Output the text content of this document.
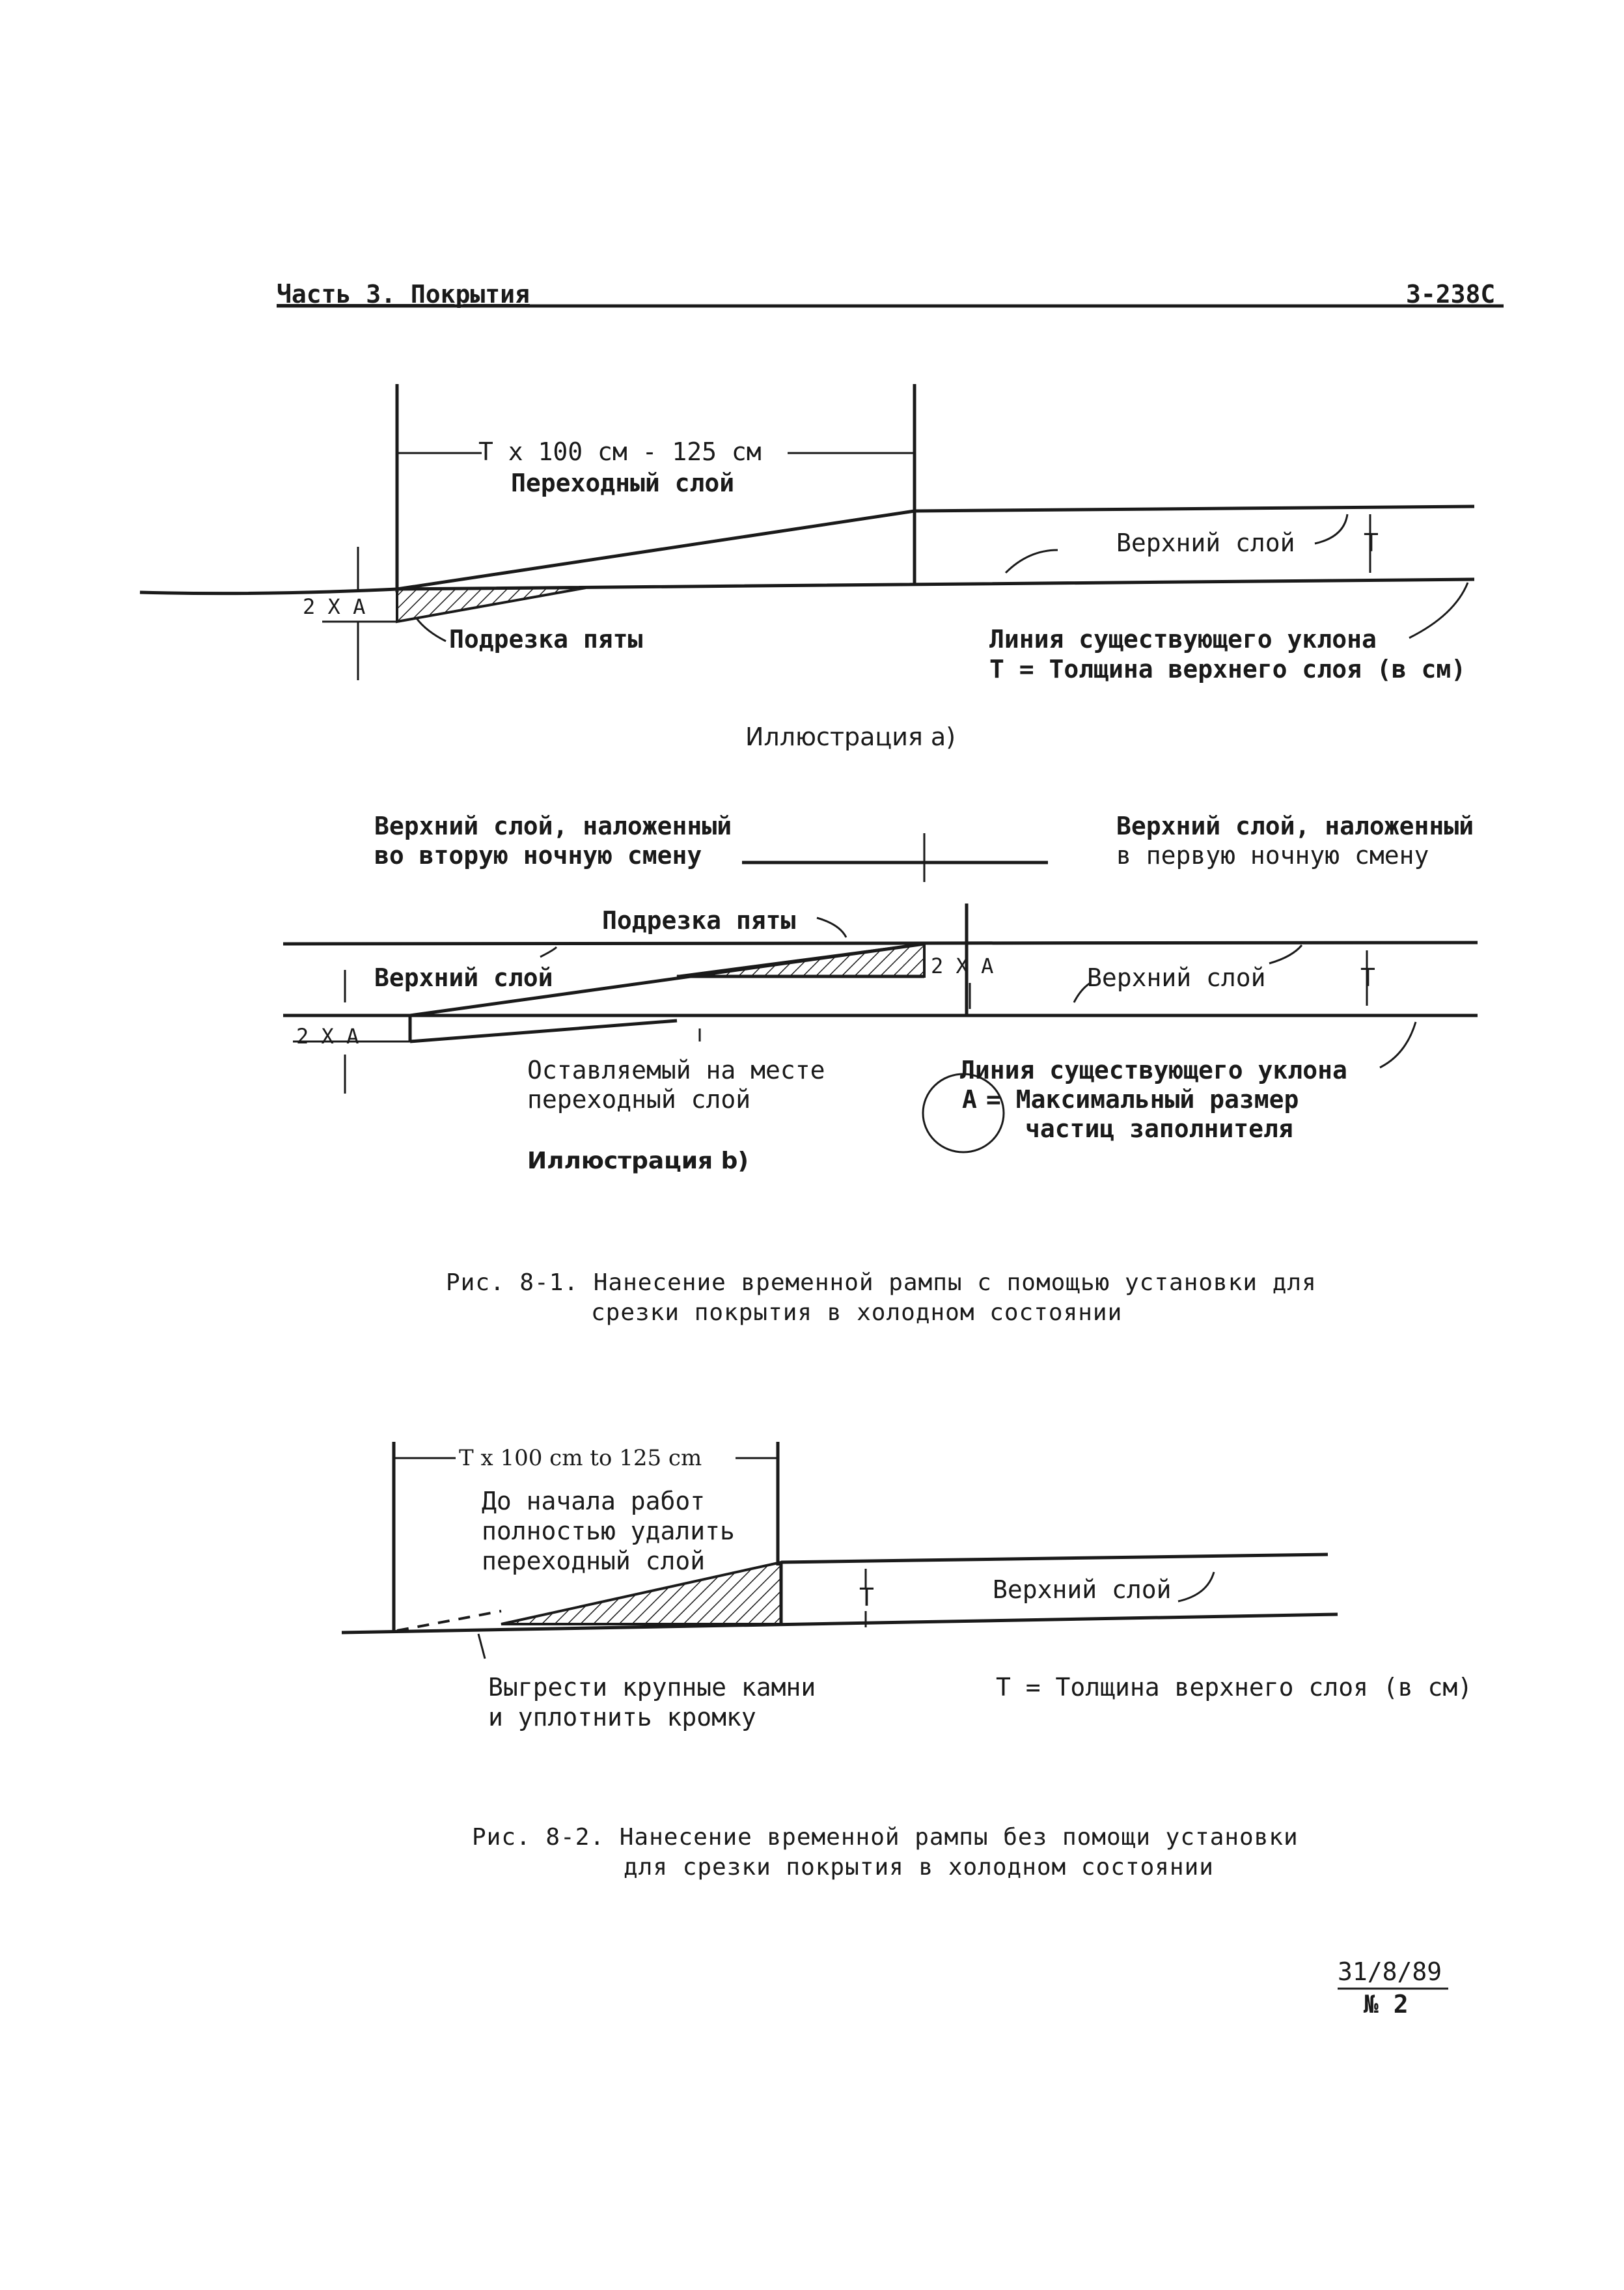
Часть 3. Покрытия	3-238C
T x 100 см - 125 см
Переходный слой
Верхний слой	T
2 X A
Подрезка пяты	Линия существующего уклона
T = Толщина верхнего слоя (в см)
Иллюстрация a)
Верхний слой, наложенный
во вторую ночную смену
Верхний слой, наложенный
в первую ночную смену
Подрезка пяты
Верхний слой	2 X A	Верхний слой	T
2 X A
Оставляемый на месте
переходный слой
Линия существующего уклона
A = Максимальный размер
частиц заполнителя
Иллюстрация b)
Рис. 8-1. Нанесение временной рампы с помощью установки для
срезки покрытия в холодном состоянии
T x 100 cm to 125 cm
До начала работ
полностью удалить
переходный слой
T	Верхний слой
Выгрести крупные камни
и уплотнить кромку
T = Толщина верхнего слоя (в см)
Рис. 8-2. Нанесение временной рампы без помощи установки
для срезки покрытия в холодном состоянии
31/8/89
№ 2
